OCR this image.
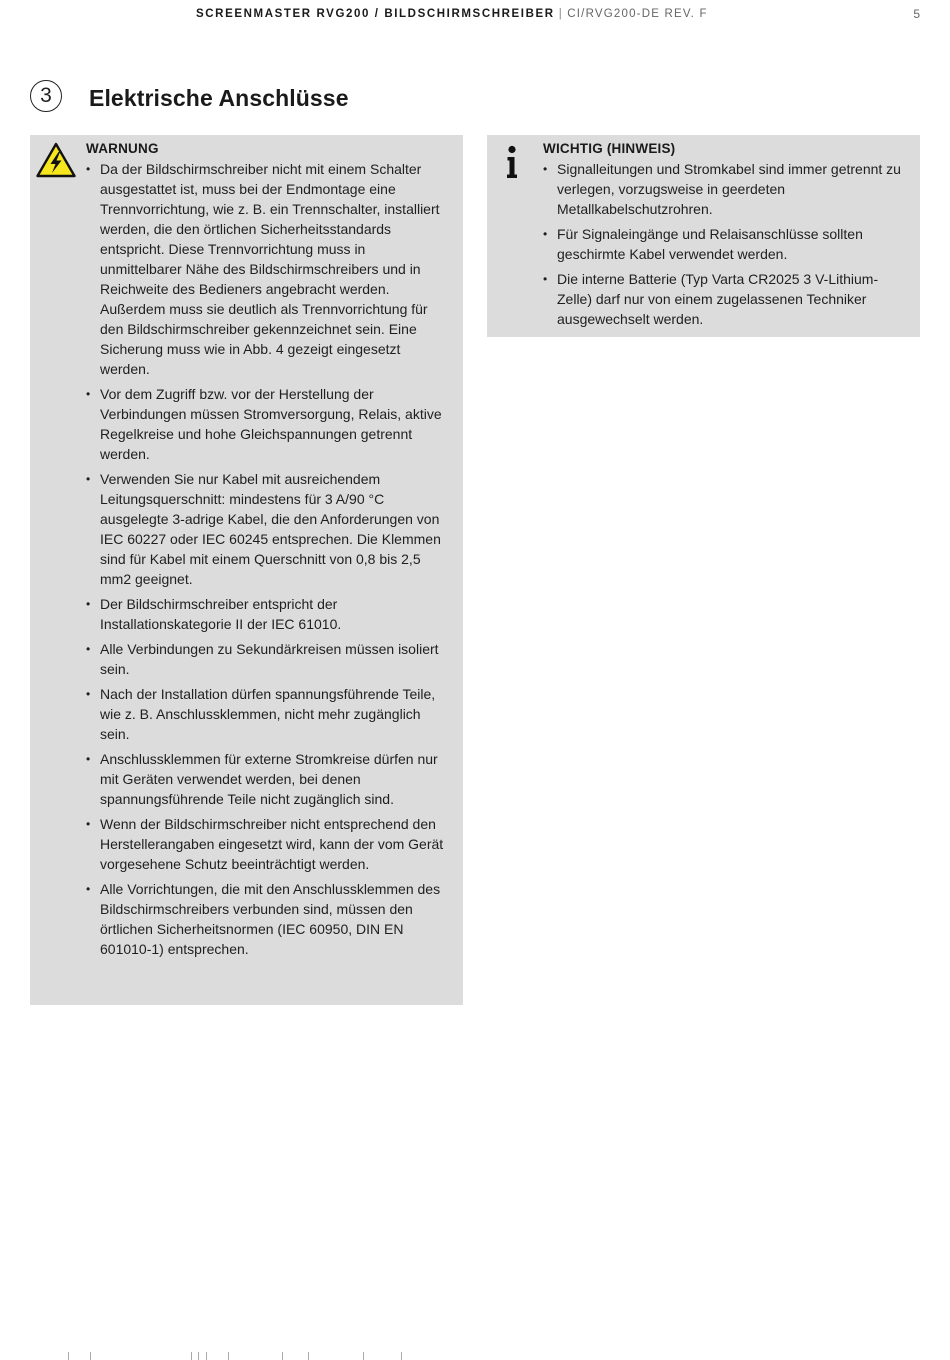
SCREENMASTER RVG200 / BILDSCHIRMSCHREIBER | CI/RVG200-DE REV. F	5
3	Elektrische Anschlüsse
WARNUNG
• Da der Bildschirmschreiber nicht mit einem Schalter ausgestattet ist, muss bei der Endmontage eine Trennvorrichtung, wie z. B. ein Trennschalter, installiert werden, die den örtlichen Sicherheitsstandards entspricht. Diese Trennvorrichtung muss in unmittelbarer Nähe des Bildschirmschreibers und in Reichweite des Bedieners angebracht werden. Außerdem muss sie deutlich als Trennvorrichtung für den Bildschirmschreiber gekennzeichnet sein. Eine Sicherung muss wie in Abb. 4 gezeigt eingesetzt werden.
• Vor dem Zugriff bzw. vor der Herstellung der Verbindungen müssen Stromversorgung, Relais, aktive Regelkreise und hohe Gleichspannungen getrennt werden.
• Verwenden Sie nur Kabel mit ausreichendem Leitungsquerschnitt: mindestens für 3 A/90 °C ausgelegte 3-adrige Kabel, die den Anforderungen von IEC 60227 oder IEC 60245 entsprechen. Die Klemmen sind für Kabel mit einem Querschnitt von 0,8 bis 2,5 mm2 geeignet.
• Der Bildschirmschreiber entspricht der Installationskategorie II der IEC 61010.
• Alle Verbindungen zu Sekundärkreisen müssen isoliert sein.
• Nach der Installation dürfen spannungsführende Teile, wie z. B. Anschlussklemmen, nicht mehr zugänglich sein.
• Anschlussklemmen für externe Stromkreise dürfen nur mit Geräten verwendet werden, bei denen spannungsführende Teile nicht zugänglich sind.
• Wenn der Bildschirmschreiber nicht entsprechend den Herstellerangaben eingesetzt wird, kann der vom Gerät vorgesehene Schutz beeinträchtigt werden.
• Alle Vorrichtungen, die mit den Anschlussklemmen des Bildschirmschreibers verbunden sind, müssen den örtlichen Sicherheitsnormen (IEC 60950, DIN EN 601010-1) entsprechen.
WICHTIG (HINWEIS)
• Signalleitungen und Stromkabel sind immer getrennt zu verlegen, vorzugsweise in geerdeten Metallkabelschutzrohren.
• Für Signaleingänge und Relaisanschlüsse sollten geschirmte Kabel verwendet werden.
• Die interne Batterie (Typ Varta CR2025 3 V-Lithium-Zelle) darf nur von einem zugelassenen Techniker ausgewechselt werden.
